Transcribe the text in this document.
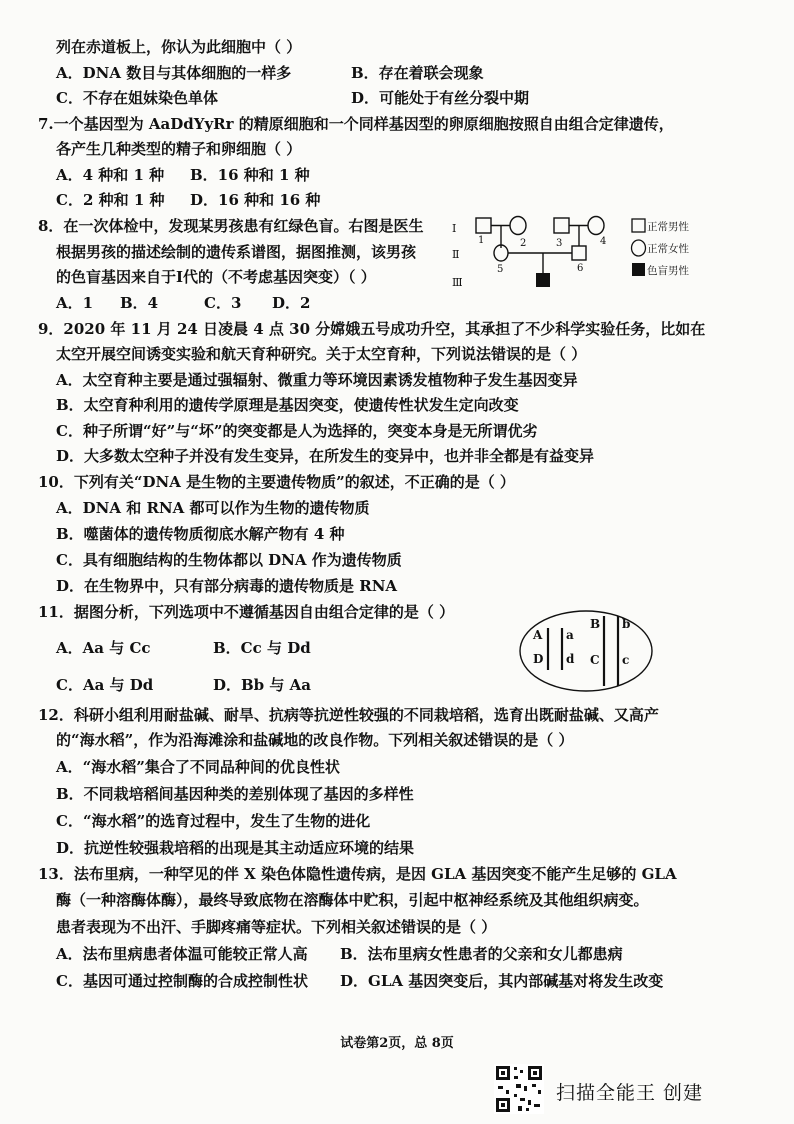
列在赤道板上，你认为此细胞中（ ）
A．DNA 数目与其体细胞的一样多	B．存在着联会现象
C．不存在姐妹染色单体	D．可能处于有丝分裂中期
7.一个基因型为 AaDdYyRr 的精原细胞和一个同样基因型的卵原细胞按照自由组合定律遗传，
各产生几种类型的精子和卵细胞（ ）
A．4 种和 1 种 B．16 种和 1 种
C．2 种和 1 种 D．16 种和 16 种
8．在一次体检中，发现某男孩患有红绿色盲。右图是医生
根据男孩的描述绘制的遗传系谱图，据图推测，该男孩
的色盲基因来自于Ⅰ代的（不考虑基因突变）（ ）
A．1 B．4	C．3 D．2
Ⅰ
Ⅱ
Ⅲ
1	2	3	4
5	6
正常男性
正常女性
色盲男性
9．2020 年 11 月 24 日凌晨 4 点 30 分嫦娥五号成功升空，其承担了不少科学实验任务，比如在
太空开展空间诱变实验和航天育种研究。关于太空育种，下列说法错误的是（ ）
A．太空育种主要是通过强辐射、微重力等环境因素诱发植物种子发生基因变异
B．太空育种利用的遗传学原理是基因突变，使遗传性状发生定向改变
C．种子所谓“好”与“坏”的突变都是人为选择的，突变本身是无所谓优劣
D．大多数太空种子并没有发生变异，在所发生的变异中，也并非全都是有益变异
10．下列有关“DNA 是生物的主要遗传物质”的叙述，不正确的是（ ）
A．DNA 和 RNA 都可以作为生物的遗传物质
B．噬菌体的遗传物质彻底水解产物有 4 种
C．具有细胞结构的生物体都以 DNA 作为遗传物质
D．在生物界中，只有部分病毒的遗传物质是 RNA
11．据图分析，下列选项中不遵循基因自由组合定律的是（ ）
A．Aa 与 Cc	B．Cc 与 Dd
C．Aa 与 Dd	D．Bb 与 Aa
A a
D d
B b
C c
12．科研小组利用耐盐碱、耐旱、抗病等抗逆性较强的不同栽培稻，选育出既耐盐碱、又高产
的“海水稻”，作为沿海滩涂和盐碱地的改良作物。下列相关叙述错误的是（ ）
A．“海水稻”集合了不同品种间的优良性状
B．不同栽培稻间基因种类的差别体现了基因的多样性
C．“海水稻”的选育过程中，发生了生物的进化
D．抗逆性较强栽培稻的出现是其主动适应环境的结果
13．法布里病，一种罕见的伴 X 染色体隐性遗传病，是因 GLA 基因突变不能产生足够的 GLA
酶（一种溶酶体酶），最终导致底物在溶酶体中贮积，引起中枢神经系统及其他组织病变。
患者表现为不出汗、手脚疼痛等症状。下列相关叙述错误的是（ ）
A．法布里病患者体温可能较正常人高 B．法布里病女性患者的父亲和女儿都患病
C．基因可通过控制酶的合成控制性状 D．GLA 基因突变后，其内部碱基对将发生改变
试卷第2页，总 8页
扫描全能王 创建
